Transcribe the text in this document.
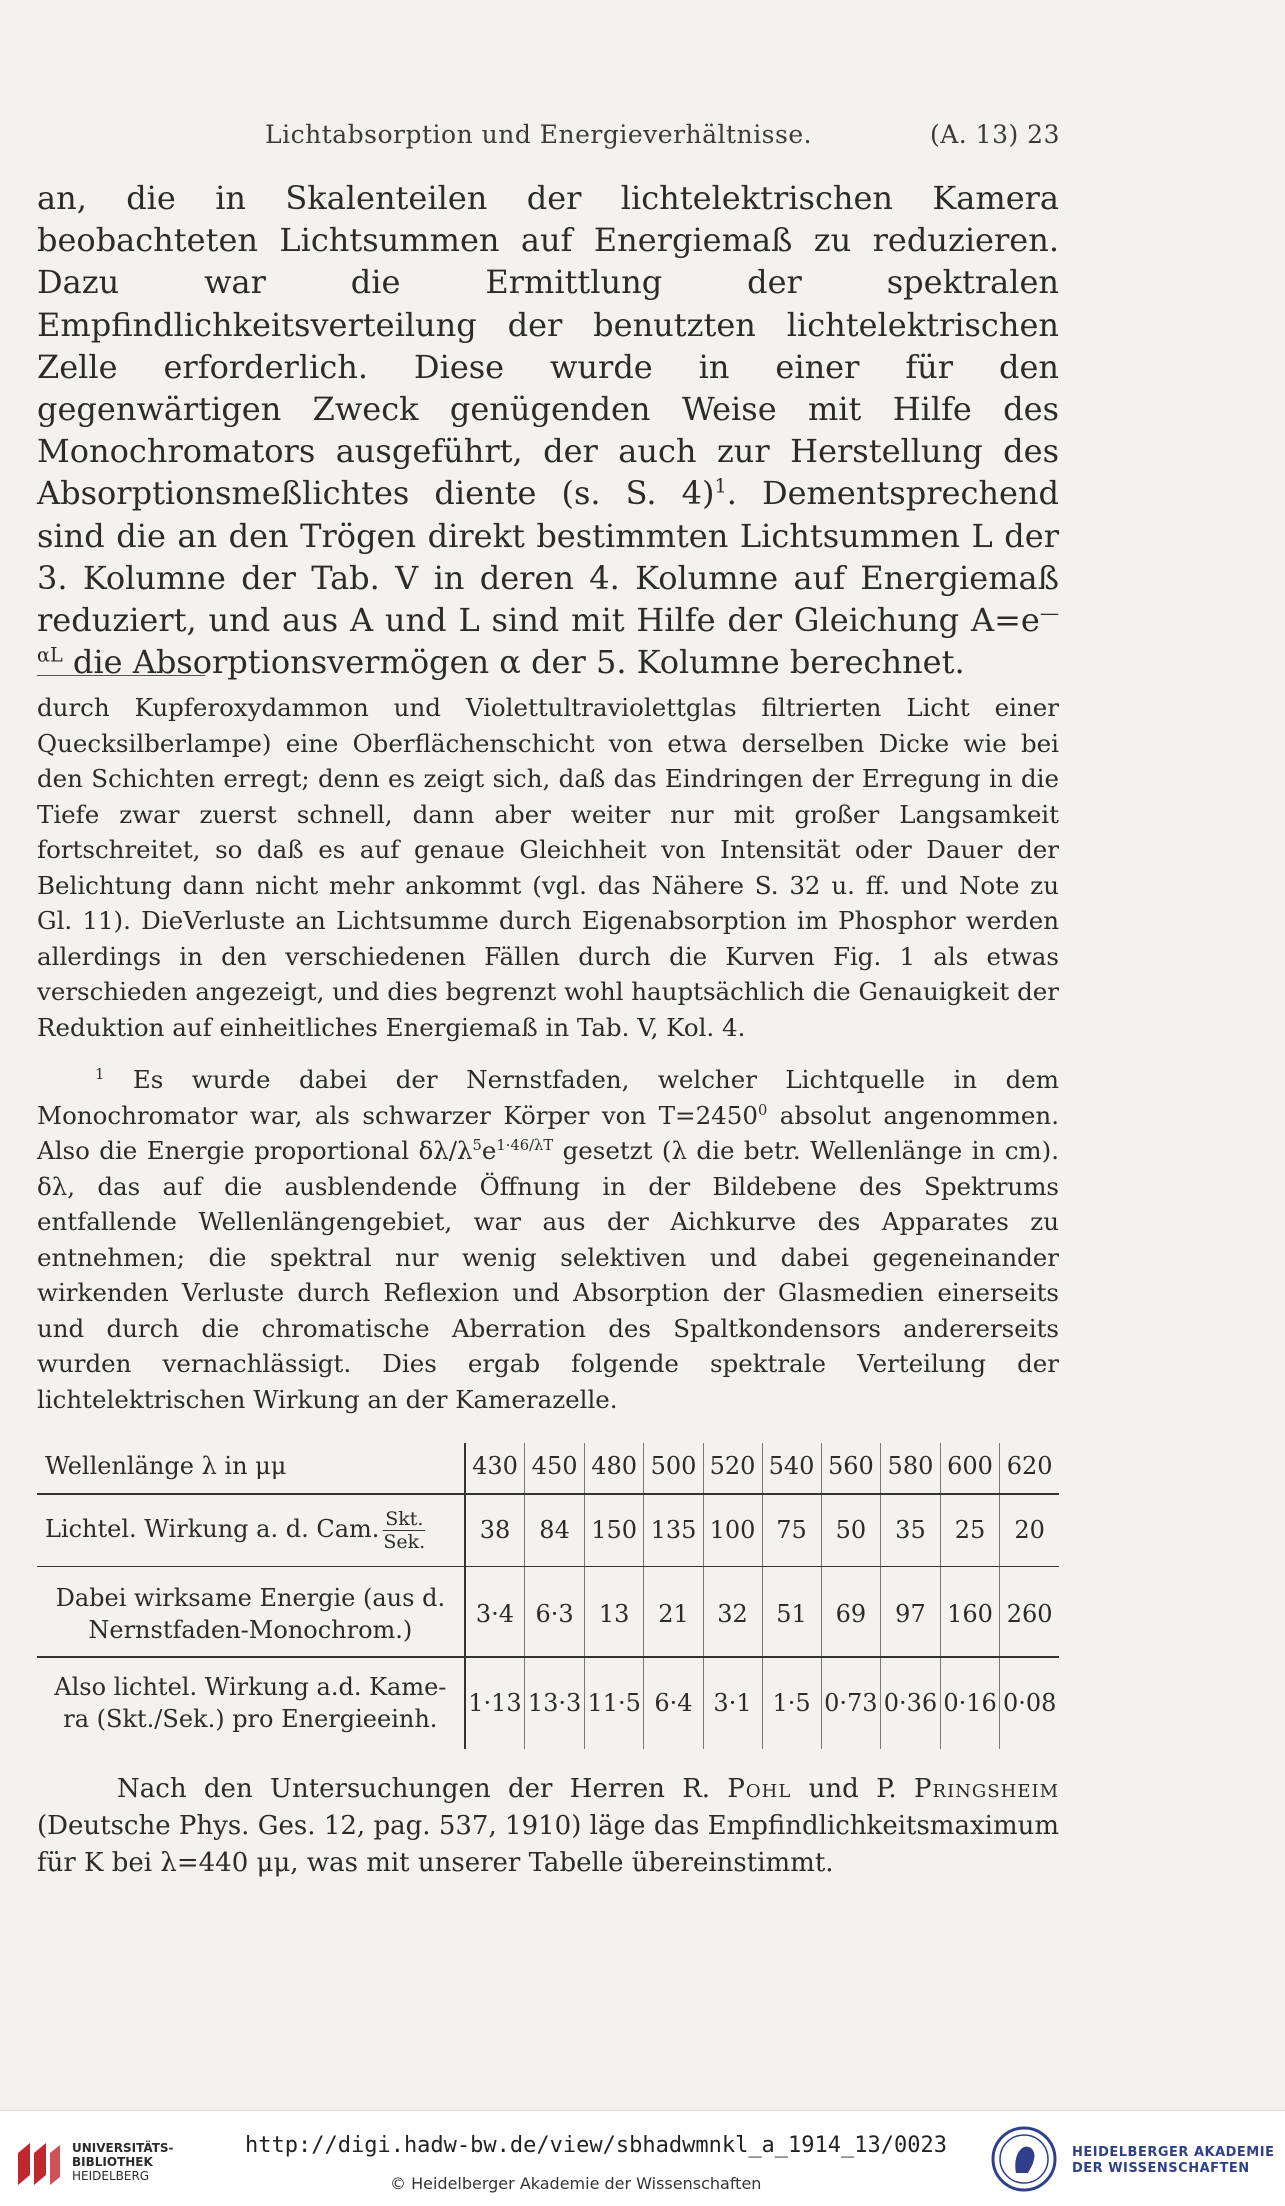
Lichtabsorption und Energieverhältnisse.	(A. 13) 23

an, die in Skalenteilen der lichtelektrischen Kamera beobachteten Lichtsummen auf Energiemaß zu reduzieren. Dazu war die Ermittlung der spektralen Empfindlichkeitsverteilung der benutzten lichtelektrischen Zelle erforderlich. Diese wurde in einer für den gegenwärtigen Zweck genügenden Weise mit Hilfe des Monochromators ausgeführt, der auch zur Herstellung des Absorptionsmeßlichtes diente (s. S. 4)$^1$. Dementsprechend sind die an den Trögen direkt bestimmten Lichtsummen L der 3. Kolumne der Tab. V in deren 4. Kolumne auf Energiemaß reduziert, und aus A und L sind mit Hilfe der Gleichung $A=e^{—\alpha L}$ die Absorptionsvermögen α der 5. Kolumne berechnet.

durch Kupferoxydammon und Violettultraviolettglas filtrierten Licht einer Quecksilberlampe) eine Oberflächenschicht von etwa derselben Dicke wie bei den Schichten erregt; denn es zeigt sich, daß das Eindringen der Erregung in die Tiefe zwar zuerst schnell, dann aber weiter nur mit großer Langsamkeit fortschreitet, so daß es auf genaue Gleichheit von Intensität oder Dauer der Belichtung dann nicht mehr ankommt (vgl. das Nähere S. 32 u. ff. und Note zu Gl. 11). DieVerluste an Lichtsumme durch Eigenabsorption im Phosphor werden allerdings in den verschiedenen Fällen durch die Kurven Fig. 1 als etwas verschieden angezeigt, und dies begrenzt wohl hauptsächlich die Genauigkeit der Reduktion auf einheitliches Energiemaß in Tab. V, Kol. 4.

$^1$ Es wurde dabei der Nernstfaden, welcher Lichtquelle in dem Monochromator war, als schwarzer Körper von $T=2450^0$ absolut angenommen. Also die Energie proportional $\delta\lambda/\lambda^5e^{1\cdot 46/\lambda T}$ gesetzt (λ die betr. Wellenlänge in cm). δλ, das auf die ausblendende Öffnung in der Bildebene des Spektrums entfallende Wellenlängengebiet, war aus der Aichkurve des Apparates zu entnehmen; die spektral nur wenig selektiven und dabei gegeneinander wirkenden Verluste durch Reflexion und Absorption der Glasmedien einerseits und durch die chromatische Aberration des Spaltkondensors andererseits wurden vernachlässigt. Dies ergab folgende spektrale Verteilung der lichtelektrischen Wirkung an der Kamerazelle.

Wellenlänge λ in μμ	430	450	480	500	520	540	560	580	600	620
Lichtel. Wirkung a. d. Cam. $\frac{\text{Skt.}}{\text{Sek.}}$	38	84	150	135	100	75	50	35	25	20
Dabei wirksame Energie (aus d.
Nernstfaden-Monochrom.)	3·4	6·3	13	21	32	51	69	97	160	260
Also lichtel. Wirkung a.d. Kame-
ra (Skt./Sek.) pro Energieeinh.	1·13	13·3	11·5	6·4	3·1	1·5	0·73	0·36	0·16	0·08

Nach den Untersuchungen der Herren R. Pohl und P. Pringsheim (Deutsche Phys. Ges. 12, pag. 537, 1910) läge das Empfindlichkeitsmaximum für K bei λ=440 μμ, was mit unserer Tabelle übereinstimmt.

UNIVERSITÄTS-
BIBLIOTHEK
HEIDELBERG
http://digi.hadw-bw.de/view/sbhadwmnkl_a_1914_13/0023
© Heidelberger Akademie der Wissenschaften
HEIDELBERGER AKADEMIE
DER WISSENSCHAFTEN
